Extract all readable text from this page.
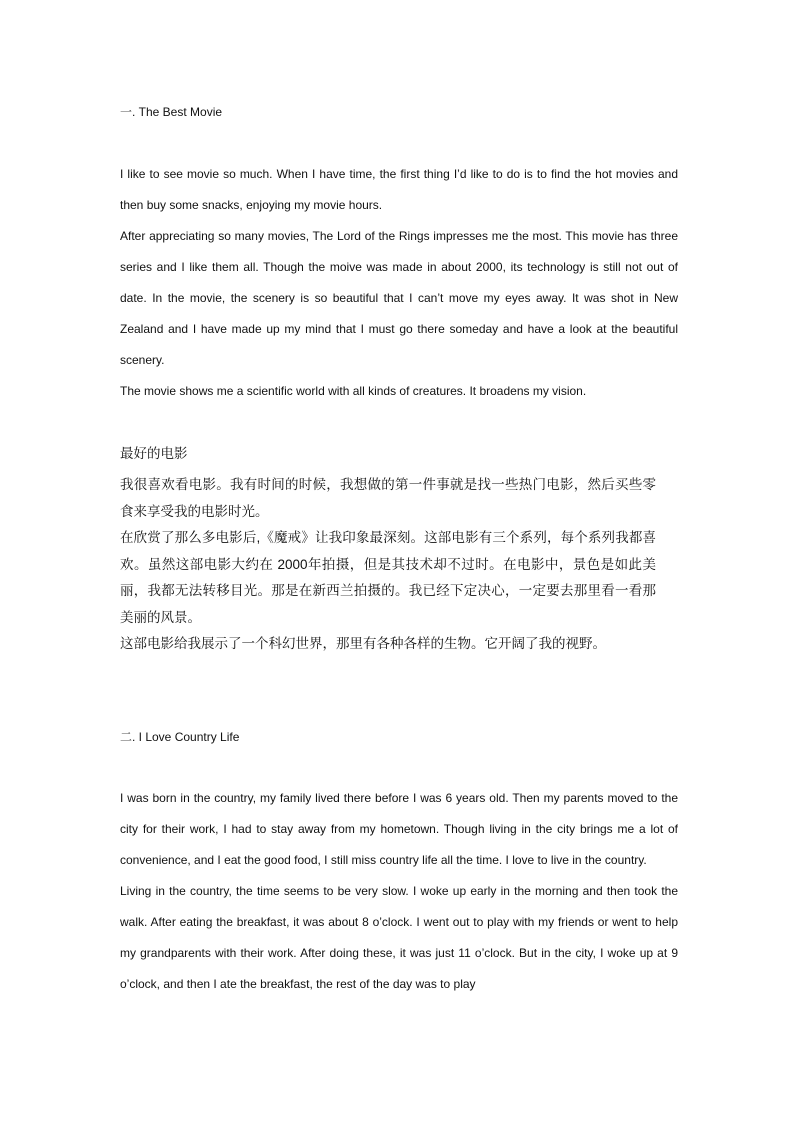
一. The Best Movie

I like to see movie so much. When I have time, the first thing I’d like to do is to find the hot movies and then buy some snacks, enjoying my movie hours.

After appreciating so many movies, The Lord of the Rings impresses me the most. This movie has three series and I like them all. Though the moive was made in about 2000, its technology is still not out of date. In the movie, the scenery is so beautiful that I can’t move my eyes away. It was shot in New Zealand and I have made up my mind that I must go there someday and have a look at the beautiful scenery.

The movie shows me a scientific world with all kinds of creatures. It broadens my vision.

最好的电影

我很喜欢看电影。我有时间的时候，我想做的第一件事就是找一些热门电影，然后买些零食来享受我的电影时光。

在欣赏了那么多电影后,《魔戒》让我印象最深刻。这部电影有三个系列，每个系列我都喜欢。虽然这部电影大约在 2000年拍摄，但是其技术却不过时。在电影中，景色是如此美丽，我都无法转移目光。那是在新西兰拍摄的。我已经下定决心，一定要去那里看一看那美丽的风景。

这部电影给我展示了一个科幻世界，那里有各种各样的生物。它开阔了我的视野。

二. I Love Country Life

I was born in the country, my family lived there before I was 6 years old. Then my parents moved to the city for their work, I had to stay away from my hometown. Though living in the city brings me a lot of convenience, and I eat the good food, I still miss country life all the time. I love to live in the country.

Living in the country, the time seems to be very slow. I woke up early in the morning and then took the walk. After eating the breakfast, it was about 8 o’clock. I went out to play with my friends or went to help my grandparents with their work. After doing these, it was just 11 o’clock. But in the city, I woke up at 9 o’clock, and then I ate the breakfast, the rest of the day was to play
